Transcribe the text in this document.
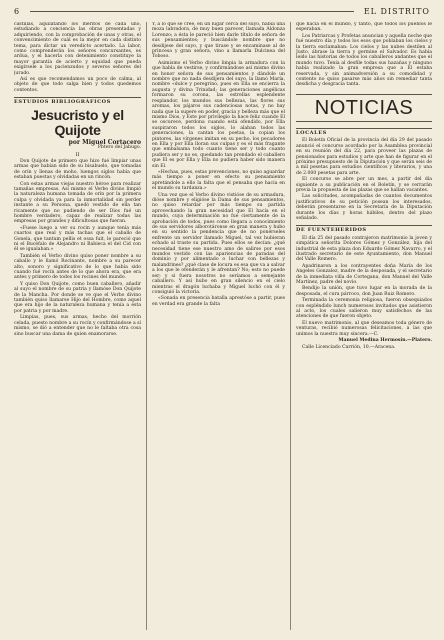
6	EL DISTRITO

castillas, aquilatando los méritos de cada uno, estudiando a conciencia las obras presentadas y adquiriendo, con la comprobación de unas y otras, el convencimiento de cuál es la mejor en cada distinto tema, para dictar un veredicto acertado. La labor, como comprenderán los señores concursantes, es ardua, y el hacerla con detenimiento constituye la mayor garantía de acierto y equidad que pueda exigírsele a los pacienzudos y severos señores del jurado.

Así es que recomendamos un poco de calma, al objeto de que todo salga bien y todos quedemos contentos.

ESTUDIOS BIBLIOGRÁFICOS
Jesucristo y el Quijote
por Miguel Cortacero
Pbtero del Jabugo.
II

Don Quijote de primero que hizo fué limpiar unas armas que habían sido de su bisabuelo, que tomadas de orín y llenas de moho, luengos siglos había que estaban puestas y olvidadas en un rincón.

Con estas armas viejas nuestro héroe para realizar tamañas empresas. Así mismo el Verbo divino limpió la naturaleza humana tomada de orín por la primera culpa y olvidada ya para la inmortalidad sin perder instante a su Persona, quedó vestido de ella tan ricamente que no pudiendo de ser Dios fué un hombre verdadero, capaz de realizar todas las empresas por grandes y dificultosas que fueran.

«Fuese luego a ver su rocín y aunque tenía más cuartos que real y más tachas que el caballo de Gonela, que tantum pellis et ossa fuit, le pareció que ni el Bucéfalo de Alejandro ni Babieca el del Cid con él se igualaban.»

También el Verbo divino quiso poner nombre a su caballo y le llamó Rocinante, nombre a su parecer alto, sonoro y significativo de lo que había sido cuando fué rocín antes de lo que ahora era, que era antes y primero de todos los rocines del mundo.

Y quiso Don Quijote, como buen caballero, añadir al suyo el nombre de su patria y llamóse Don Quijote de la Mancha. Por donde se ve que el Verbo divino también quiso llamarse Hijo del Hombre, como aquel que era hijo de la naturaleza humana y tenía a ésta por patria y por madre.

Limpias, pues, sus armas, hecho del morrión celada, puesto nombre a su rocín y confirmándose a sí mismo, se dió a entender que no le faltaba otra cosa sino buscar una dama de quien enamorarse.

Y, a lo que se cree, en un lugar cerca del suyo, había una moza labradora, de muy buen parecer, llamada Aldonza Lorenzo; a ésta le pareció bien darle título de señora de sus pensamientos; y buscándole nombre que no desdijese del suyo, y que tirase y se encaminase al de princesa y gran señora, vino a llamarla Dulcinea del Toboso.

Asimismo el Verbo divino limpia la armadura con la que habla de vestirse, y confirmándose así mismo divino en honor señora de sus pensamientos y dándole un nombre que no nada desdijera del suyo, la llamó María, nombre «dulce y peregrino, pues en Ella se encierra la augusta y divina Trinidad; las generaciones angélicas formaron su corona, las estrellas esplendente resplandor, los mundos sus bellezas, las flores sus aromas, los pájaros sus cadenciosas notas, y no hay nada que la supere en poder, gracia y belleza más que el mismo Dios, y Este por privilegio la hace feliz cuando El se oscurece, perdona cuando está ofendido, por Ella suspiraron todos los siglos, lo alaban todos las generaciones, la cantan los poetas, la copian los pintores, las vírgenes imitan en su pecho, los pecadores en Ella y por Ella lloran sus culpas y es el más fragante que embalsama todo cuanto tiene ser y todo cuanto pudiera ser y no es, quedando tan prendado el caballero que El es por Ella y Ella no pudiera haber sido manera sin El.

«Hechas, pues, estas prevenciones, no quiso aguardar más tiempo a poner en efecto su pensamiento apretándole a ello la falta que el pensaba que hacía en el mundo su tardanza.»

Una vez que el Verbo divino vistióse de su armadura, dióse nombre y eligióse la Dama de sus pensamientos, no quiso retardar por más tiempo su partida aprovechando la gran necesidad que El hacía en el mundo, cuya determinación no fué ciertamente de la aprobación de todos, pues como llegara a conocimiento de sus servidores alborotáronse en gran manera y hubo en su sentido la pendencia que de no ponérseles enfrente un servidor llamado Miguel, tal vez hubieran echado al traste su partida. Pues ellos se decían: ¿qué necesidad tiene ese nuestro amo de salirse por esos mundos vestido con las apariencias de paradas del dominio y por alimentado o luchar con bellezas y malandrines? ¿qué clase de locura es esa que va a salvar a los que le ofenderán y le afrentan? No; esto no puede ser; y si fuera nosotros no seríamos a semejante caballero. Y así hubo en gran silencio en el cielo mientras el dragón luchaba y Miguel luchó con él y consiguió la victoria.

«Sonada en presencia batalla aprestóse a partir, pues en verdad era grande la falta

que hacía en el mundo, y tanto, que todos los pueblos le esperaban.

Los Patriarcas y Profetas anuncian y aquella noche que fué nuestro día y todos los esos que poblaban los cielos y la tierra exclamaban: Los cielos y las nubes destilen al Justo, ábrase la tierra y germine el Salvador. Es había leído las historias de todos los caballeros andantes que el mundo tuvo. Tenía al desfile todas sus hazañas y ninguno había realizado la gran empresa que a El estaba reservada, y sin animadversión a su comodidad y contento no quiso pasarse más años sin remediar tanta desdicha y desgracia tanta.

NOTICIAS
LOCALES

El Boletín Oficial de la provincia del día 29 del pasado anunció el concurso acordado por la Asamblea provincial en su reunión del día 22, para proveer las plazas de pensionados para estudios y arte que han de figurar en el próximo presupuesto de la Diputación y que serán seis de a mil pesetas para estudios científicos y literarios, y una de 2.000 pesetas para arte.

El concurso se abre por un mes, a partir del día siguiente a su publicación en el Boletín, y se cerrarán previa la propuesta de las plazas que se hallan vacantes.

Las solicitudes, acompañadas de cuantos documentos justificativos de su petición posean los interesados, deberán presentarse en la Secretaría de la Diputación durante los días y horas hábiles, dentro del plazo señalado.

DE FUENTEHERIDOS

El día 25 del pasado contrajeron matrimonio la joven y simpática señorita Dolores Gómez y González, hija del industrial de esta plaza don Eduardo Gómez Navarro, y el ilustrado secretario de este Ayuntamiento, don Manuel del Valle Romero.

Apadrinaron a los contrayentes doña María de los Angeles Gonzalez, madre de la desposada, y el secretario de la inmediata villa de Cortegana, don Manuel del Valle Martínez, padre del novio.

Bendijo la unión, que tuvo lugar en la morada de la desposada, el cura párroco, don Juan Ruiz Romero.

Terminada la ceremonia religiosa, fueron obsequiados con espléndido lunch numerosos invitados que asistieron al acto, los cuales salieron muy satisfechos de las atenciones de que fueron objeto.

El nuevo matrimonio, al que deseamos toda género de venturas, recibió numerosas felicitaciones, a las que unimos la nuestra muy sincera.—C.

Manuel Medina Hermosín.—Platero.

Calle Licenciado Carrión, 10.—Aracena.
